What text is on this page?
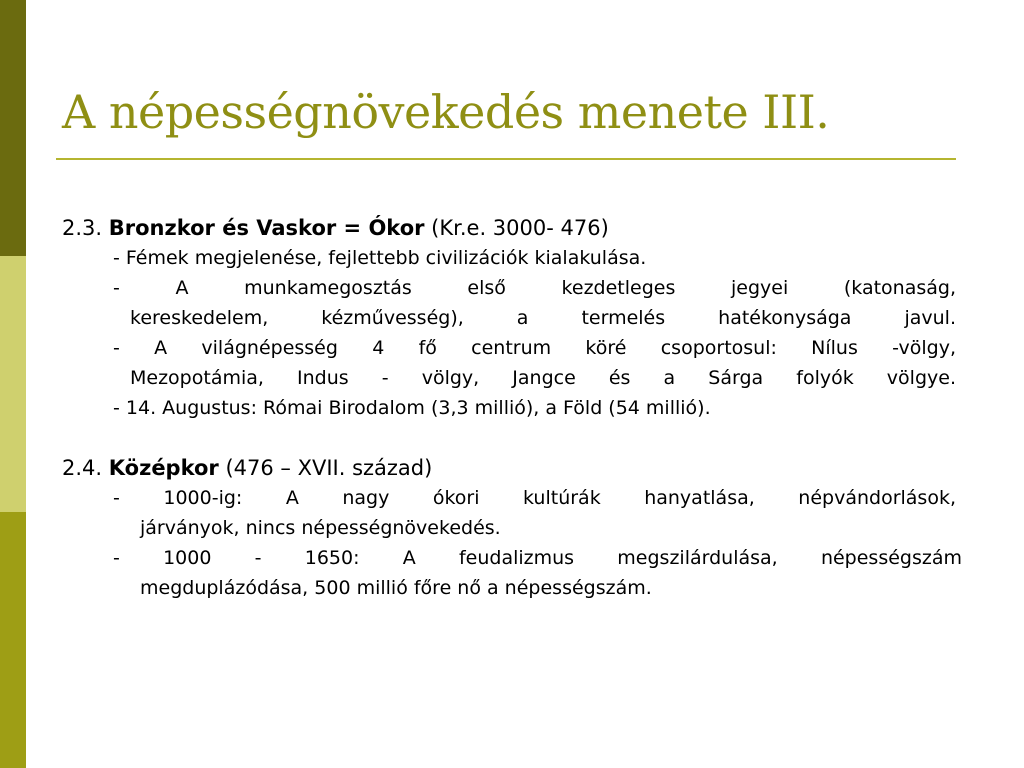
A népességnövekedés menete III.
2.3. Bronzkor és Vaskor = Ókor (Kr.e. 3000- 476)
- Fémek megjelenése, fejlettebb civilizációk kialakulása.
- A munkamegosztás első kezdetleges jegyei (katonaság,
kereskedelem, kézművesség), a termelés hatékonysága javul.
- A világnépesség 4 fő centrum köré csoportosul: Nílus -völgy,
Mezopotámia, Indus - völgy, Jangce és a Sárga folyók völgye.
- 14. Augustus: Római Birodalom (3,3 millió), a Föld (54 millió).
2.4. Középkor (476 – XVII. század)
- 1000-ig: A nagy ókori kultúrák hanyatlása, népvándorlások,
járványok, nincs népességnövekedés.
- 1000 - 1650: A feudalizmus megszilárdulása, népességszám
megduplázódása, 500 millió főre nő a népességszám.
